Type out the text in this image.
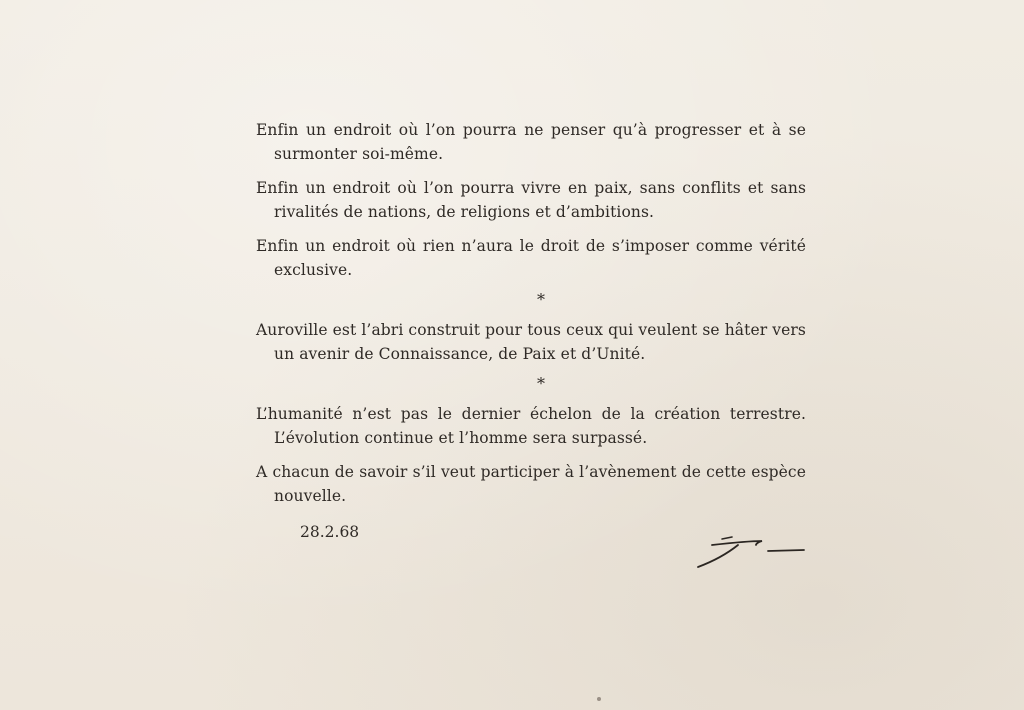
Enfin un endroit où l’on pourra ne penser qu’à progresser et à se surmonter soi-même.

Enfin un endroit où l’on pourra vivre en paix, sans conflits et sans rivalités de nations, de religions et d’ambitions.

Enfin un endroit où rien n’aura le droit de s’imposer comme vérité exclusive.

*

Auroville est l’abri construit pour tous ceux qui veulent se hâter vers un avenir de Connaissance, de Paix et d’Unité.

*

L’humanité n’est pas le dernier échelon de la création terrestre. L’évolution continue et l’homme sera surpassé.

A chacun de savoir s’il veut participer à l’avènement de cette espèce nouvelle.

28.2.68
